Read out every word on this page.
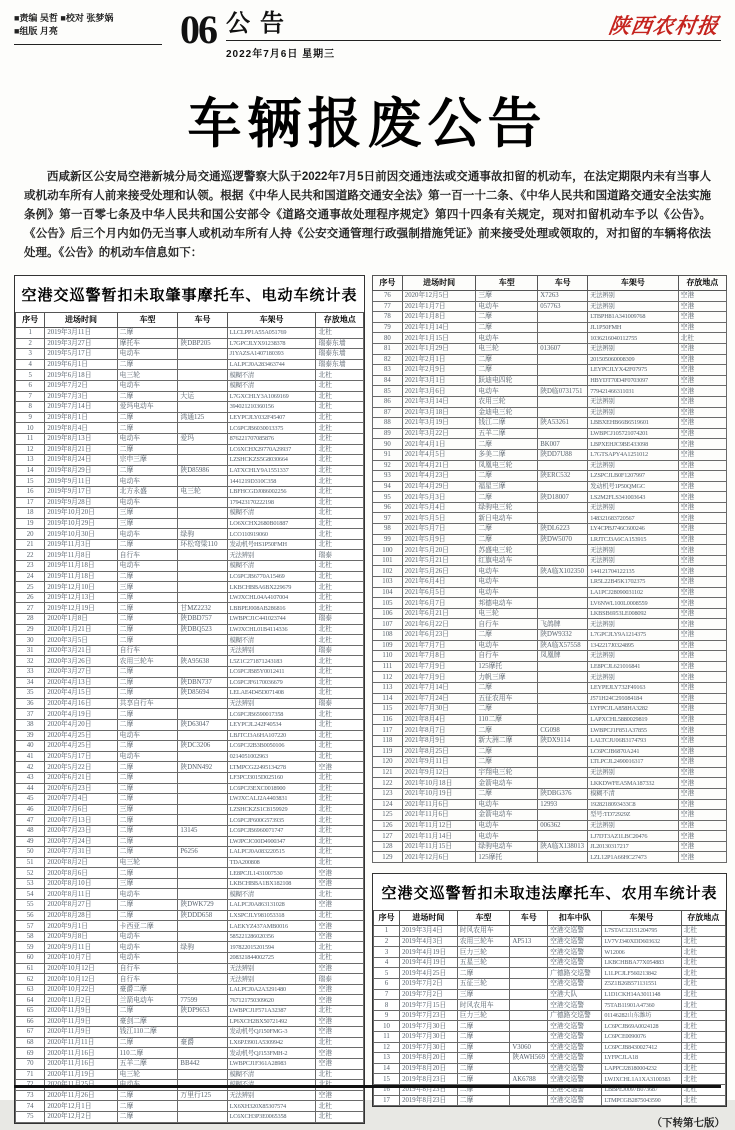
■责编 吴哲 ■校对 张梦娲
■组版 月亮	06 公告
2022年7月6日 星期三
陕西农村报
车辆报废公告

西咸新区公安局空港新城分局交通巡逻警察大队于2022年7月5日前因交通违法或交通事故扣留的机动车，在法定期限内未有当事人或机动车所有人前来接受处理和认领。根据《中华人民共和国道路交通安全法》第一百一十二条、《中华人民共和国道路交通安全法实施条例》第一百零七条及中华人民共和国公安部令《道路交通事故处理程序规定》第四十四条有关规定，现对扣留机动车予以《公告》。《公告》后三个月内如仍无当事人或机动车所有人持《公安交通管理行政强制措施凭证》前来接受处理或领取的，对扣留的车辆将依法处理。《公告》的机动车信息如下：

空港交巡警暂扣未取肇事摩托车、电动车统计表
序号	进场时间	车型	车号	车架号	存放地点
1	2019年3月11日	二摩		LLCLPP1A55A051769	北杜
2	2019年3月27日	摩托车	陕DBP205	L7GPCJLYX91238378	瑞泰东墙
3	2019年5月17日	电动车		J1YAZSA1407180393	瑞泰东墙
4	2019年6月1日	二摩		LALPCJ0A283463744	瑞泰东墙
5	2019年6月18日	电三轮		模糊不清	北杜
6	2019年7月2日	电动车		模糊不清	北杜
7	2019年7月3日	二摩	大运	L7GXCHLY3A1069169	北杜
8	2019年7月14日	爱玛电动车		394021210360156	北杜
9	2019年8月1日	二摩	鸿通125	LEYPCJLY032F45407	北杜
10	2019年8月4日	二摩		LC6PCJB6030013375	北杜
11	2019年8月13日	电动车	爱玛	876221707085876	北杜
12	2019年8月21日	二摩		LC6XCHX29770A29937	北杜
13	2019年8月24日	宗申三摩		LZSHCKZS5G8030664	北杜
14	2019年8月29日	二摩	陕D85986	LATXCHLY9A1551337	北杜
15	2019年9月11日	电动车		1441219D310C358	北杜
16	2019年9月17日	北方永盛	电三轮	LBFHCGDJ086002256	北杜
17	2019年9月28日	电动车		179423170222198	北杜
18	2019年10月20日	三摩		模糊不清	北杜
19	2019年10月29日	三摩		LO6XCHX2680B01887	北杜
20	2019年10月30日	电动车	绿驹	LCO110919060	北杜
21	2019年11月3日	二摩	环松弯梁110	发动机号HS1P50FMH	北杜
22	2019年11月8日	自行车		无法辨别	瑞泰
23	2019年11月18日	电动车		模糊不清	北杜
24	2019年11月18日	二摩		LC6PCJB6770A15469	北杜
25	2019年12月10日	三摩		LKBCHBBA6BX229679	北杜
26	2019年12月13日	二摩		LWJXCHL04A4107004	北杜
27	2019年12月19日	二摩	甘MZ2232	LBBPEJ008AB286816	北杜
28	2020年1月8日	二摩	陕DBD757	LWBPCJ1C441023744	瑞泰
29	2020年1月21日	二摩	陕DBQ523	LWJXCHL01B4114336	北杜
30	2020年3月5日	二摩		模糊不清	北杜
31	2020年3月21日	自行车		无法辨别	瑞泰
32	2020年3月26日	农用三轮车	陕A95638	L5Z1C271871243183	北杜
33	2020年3月27日	二摩		LC6PCJB85Y0012411	北杜
34	2020年4月13日	二摩	陕DBN737	LC6PCJF6170036679	北杜
35	2020年4月15日	二摩	陕D85694	LELAE4D45D071408	北杜
36	2020年4月16日	共享自行车		无法辨别	瑞泰
37	2020年4月19日	二摩		LC6PCJB6590017358	北杜
38	2020年4月20日	二摩	陕D63047	LEYPCJL242F40534	北杜
39	2020年4月25日	电动车		LBJTCJ3A6HA107220	北杜
40	2020年4月25日	二摩	陕DC3206	LC6PCJ2B3B0050106	北杜
41	2020年5月17日	电动车		0214051002963	北杜
42	2020年5月22日	二摩	陕DNN492	LTMPCG22495134278	空港
43	2020年6月21日	二摩		LF3PCJ3015D025160	北杜
44	2020年6月23日	二摩		LC6PCJ3EXC0018900	北杜
45	2020年7月4日	二摩		LWJXCALJ2A4403831	北杜
46	2020年7月6日	三摩		LZSHCKZS1C8159929	北杜
47	2020年7月13日	二摩		LC6PCJF600G573935	北杜
48	2020年7月23日	二摩	13145	LC6PCJB6960071747	北杜
49	2020年7月24日	二摩		LWJPCJC00D4900347	北杜
50	2020年7月31日	二摩	P6256	LALPCJ0A083220515	北杜
51	2020年8月2日	电三轮		TDA200808	北杜
52	2020年8月6日	二摩		LE8PCJL1431007530	空港
53	2020年8月10日	三摩		LKBCHBBA1BX182108	空港
54	2020年8月11日	电动车		模糊不清	北杜
55	2020年8月27日	二摩	陕DWK729	LALPCJ0A863131028	空港
56	2020年8月28日	二摩	陕DDD658	LXSPCJLY981053318	北杜
57	2020年9月1日	卡西亚二摩		LAEKYZ437AMB0016	空港
58	2020年9月8日	电动车		585221286020356	空港
59	2020年9月11日	电动车	绿驹	197822015201594	北杜
60	2020年10月7日	电动车		208321844002725	北杜
61	2020年10月12日	自行车		无法辨别	空港
62	2020年10月12日	自行车		无法辨别	瑞泰
63	2020年10月22日	豪爵二摩		LALPCJ0A2A3291480	空港
64	2020年11月2日	兰箭电动车	77599	767121750309620	空港
65	2020年11月9日	二摩	陕DP9653	LWBPCJ1F571A32387	北杜
66	2020年11月9日	豪剑二摩		LP6XCH2BX50721492	空港
67	2020年11月9日	钱江110二摩		发动机号QJ150FMG-3	空港
68	2020年11月11日	二摩	豪爵	LX6PJ3901A5309942	北杜
69	2020年11月16日	110二摩		发动机号QJ153FMH-2	空港
70	2020年11月16日	五羊二摩	BB442	LWBPCJ1F361A28983	空港
71	2020年11月19日	电三轮		模糊不清	北杜
72	2020年11月25日	电动车		模糊不清	北杜
73	2020年11月26日	二摩	万里行125	无法辨别	空港
74	2020年12月1日	二摩		LX6XH320X85307574	北杜
75	2020年12月2日	二摩		LC6XCH3P3E0065358	北杜
序号	进场时间	车型	车号	车架号	存放地点
76	2020年12月5日	三摩	X7263	无法辨别	空港
77	2021年1月7日	电动车	057763	无法辨别	空港
78	2021年1月8日	二摩		LTBPH81A341009768	空港
79	2021年1月14日	二摩		JL1P50FMH	空港
80	2021年1月15日	电动车		1036216040112755	北杜
81	2021年1月29日	电三轮	013607	无法辨别	空港
82	2021年2月1日	二摩		201505060008309	空港
83	2021年2月9日	二摩		LEYPCJLYX42F07975	空港
84	2021年3月1日	跃迪电四轮		HBYDT70D4F0703097	空港
85	2021年3月6日	电动车	陕D临0731751	779421466311031	空港
86	2021年3月14日	农用三轮		无法辨别	空港
87	2021年3月18日	金迪电三轮		无法辨别	空港
88	2021年3月19日	钱江二摩	陕A53261	LBBXEHB66B6519601	空港
89	2021年3月22日	五羊二摩		LWBPCJ105721074201	空港
90	2021年4月1日	二摩	BK007	LBPXEHJC9BE433098	空港
91	2021年4月5日	多美二摩	陕DD7U88	L7GTSAPY4A1251012	空港
92	2021年4月21日	凤凰电三轮		无法辨别	空港
93	2021年4月23日	二摩	陕ERC532	LZSPCJLB0F1207997	空港
94	2021年4月29日	福星三摩		发动机号1P50QMGC	空港
95	2021年5月3日	二摩	陕D18007	LS2M2FLS341003643	空港
96	2021年5月4日	绿驹电三轮		无法辨别	空港
97	2021年5月5日	新日电动车		148321683720567	空港
98	2021年5月7日	二摩	陕DL6223	LY4CPBJ746C600246	空港
99	2021年5月9日	二摩	陕DW5070	LRJTCJ3A6CA153915	空港
100	2021年5月20日	苏盛电三轮		无法辨别	空港
101	2021年5月21日	红旗电动车		无法辨别	空港
102	2021年5月26日	电动车	陕A临X102350	144121704122135	空港
103	2021年6月4日	电动车		LR5L22B45K1702375	空港
104	2021年6月5日	电动车		LA1PCJ28090031102	空港
105	2021年6月7日	邦德电动车		LV6NWL100L0008559	空港
106	2021年6月21日	电三轮		LKBSB6953LE008092	空港
107	2021年6月22日	自行车	飞鸽牌	无法辨别	空港
108	2021年6月23日	二摩	陕DW9332	L7GPCJLY9A1214375	空港
109	2021年7月7日	电动车	陕A临X57558	1342217J0324895	空港
110	2021年7月8日	自行车	凤凰牌	无法辨别	空港
111	2021年7月9日	125摩托		LE8PCJL621016841	空港
112	2021年7月9日	力帆三摩		无法辨别	空港
113	2021年7月14日	二摩		LEYPEJLY732F49163	空港
114	2021年7月24日	五征农用车		J571H24C291084184	空港
115	2021年7月30日	二摩		LYFPCJLA858HA3282	空港
116	2021年8月4日	110二摩		LAPXCHL5880029819	空港
117	2021年8月7日	二摩	CG098	LWBPCJ1F851A37855	空港
118	2021年8月9日	新大洲二摩	陕DX9114	LALTCJU06B3174793	空港
119	2021年8月25日	二摩		LC6PCJB6870A241	空港
120	2021年9月11日	二摩		LTLPCJL2490016317	空港
121	2021年9月12日	宇翔电三轮		无法辨别	空港
122	2021年10月18日	金箭电动车		LKKDWFEA5MA187332	空港
123	2021年10月19日	二摩	陕DBG376	模糊不清	空港
124	2021年11月6日	电动车	12993	1928218093433C8	空港
125	2021年11月6日	金箭电动车		型号:TD72929Z	空港
126	2021年11月12日	电动车	006362	无法辨别	空港
127	2021年11月14日	电动车		LJ7DT3AZ1LBC20476	空港
128	2021年11月15日	绿驹电动车	陕A临X138013	JL20130317217	空港
129	2021年12月6日	125摩托		LZL12P1A66HC27473	空港
空港交巡警暂扣未取违法摩托车、农用车统计表
序号	进场时间	车型	车号	扣车中队	车架号	存放地点
1	2019年3月4日	时风农用车		空港交巡警	L7STAC12151204795	北杜
2	2019年4月3日	农用三轮车	AP513	空港交巡警	LV7VJ340XDD603632	北杜
3	2019年4月19日	巨力三轮		空港交巡警	W12006	北杜
4	2019年4月19日	五星三轮		空港交巡警	LKBCHBBA77X054883	北杜
5	2019年4月25日	二摩		广德路交巡警	L1LPCJLF560213842	北杜
6	2019年7月2日	五征三轮		空港交巡警	Z5Z1B26B571131551	北杜
7	2019年7月2日	三摩		空港大队	L1D1CKH14A3011148	北杜
8	2019年7月15日	时风农用车		空港交巡警	75TAB11901A47360	北杜
9	2019年7月23日	巨力三轮		广德路交巡警	01146282山东潍坊	北杜
10	2019年7月30日	二摩		空港交巡警	LC6PCJB69A0024128	北杜
11	2019年7月30日	二摩		空港交巡警	LC6PCE0090076	北杜
12	2019年7月30日	二摩	V3060	空港交巡警	LC6PCJB8430027412	北杜
13	2019年8月20日	二摩	陕AWH569	空港交巡警	LYFPCJLA18	北杜
14	2019年8月20日	二摩		空港交巡警	LAPPCJ28180004232	北杜
15	2019年8月23日	二摩	AK6788	空港交巡警	LWJXCHL1A1XA3100383	北杜
16	2019年8月23日	二摩		空港交巡警	LBBPEJ0097B073687	北杜
17	2019年8月23日	二摩		空港交巡警	LTMPCGB2875043590	北杜
（下转第七版）
